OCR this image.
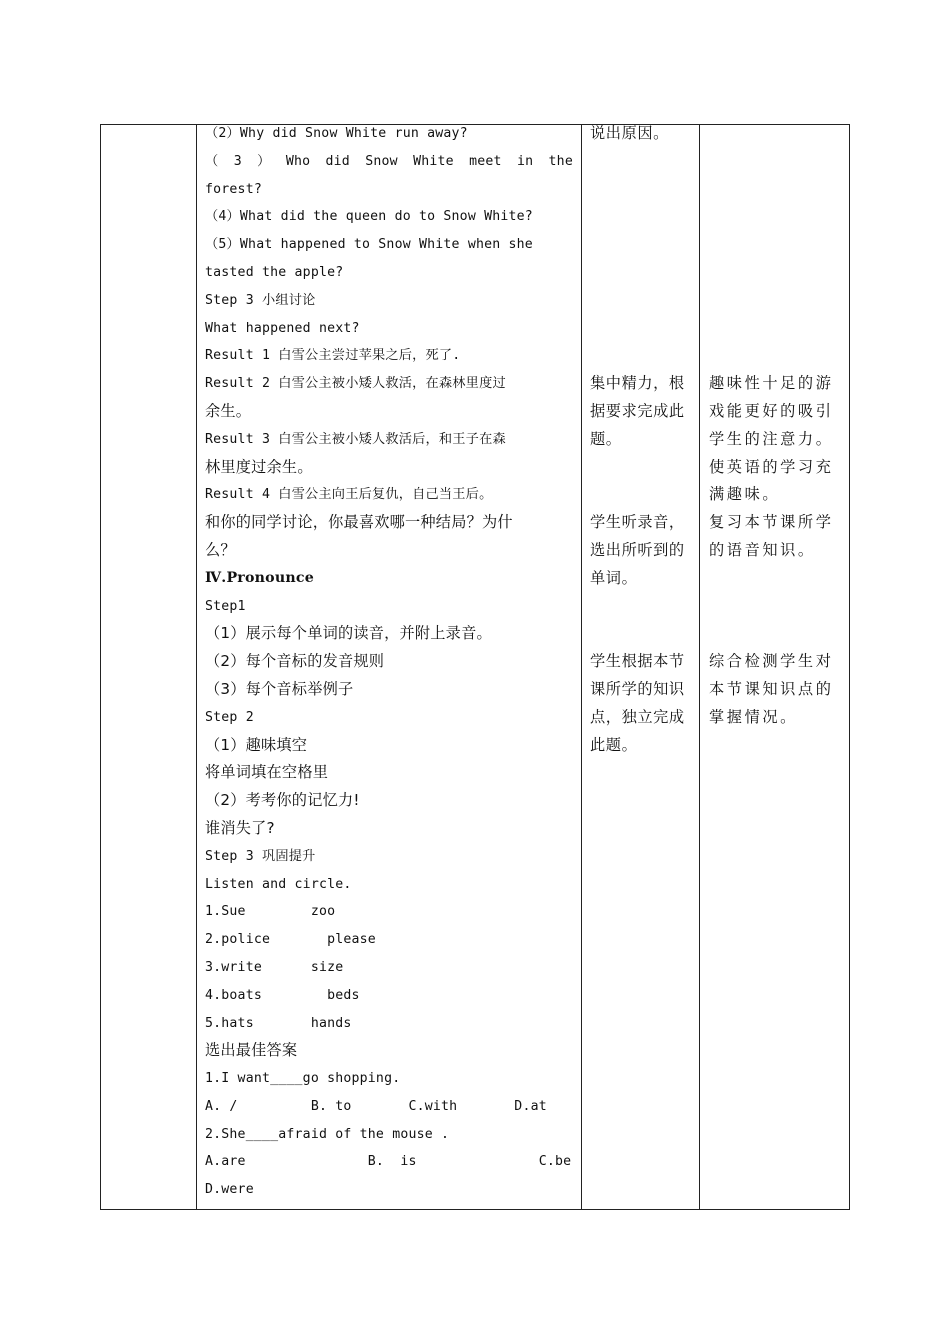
（2）Why did Snow White run away?
（ 3 ） Who did Snow White meet in the
forest?
（4）What did the queen do to Snow White?
（5）What happened to Snow White when she
tasted the apple?
Step 3 小组讨论
What happened next?
Result 1 白雪公主尝过苹果之后，死了.
Result 2 白雪公主被小矮人救活，在森林里度过
余生。
Result 3 白雪公主被小矮人救活后，和王子在森
林里度过余生。
Result 4 白雪公主向王后复仇，自己当王后。
和你的同学讨论，你最喜欢哪一种结局？为什
么？
Ⅳ.Pronounce
Step1
（1）展示每个单词的读音，并附上录音。
（2）每个音标的发音规则
（3）每个音标举例子
Step 2
（1）趣味填空
将单词填在空格里
（2）考考你的记忆力!
谁消失了?
Step 3 巩固提升
Listen and circle.
1.Sue        zoo
2.police       please
3.write      size
4.boats        beds
5.hats       hands
选出最佳答案
1.I want____go shopping.
A. /         B. to       C.with       D.at
2.She____afraid of the mouse .
A.are               B.  is               C.be
D.were
说出原因。
集中精力，根
据要求完成此
题。
学生听录音，
选出所听到的
单词。
学生根据本节
课所学的知识
点，独立完成
此题。
趣味性十足的游
戏能更好的吸引
学生的注意力。
使英语的学习充
满趣味。
复习本节课所学
的语音知识。
综合检测学生对
本节课知识点的
掌握情况。
